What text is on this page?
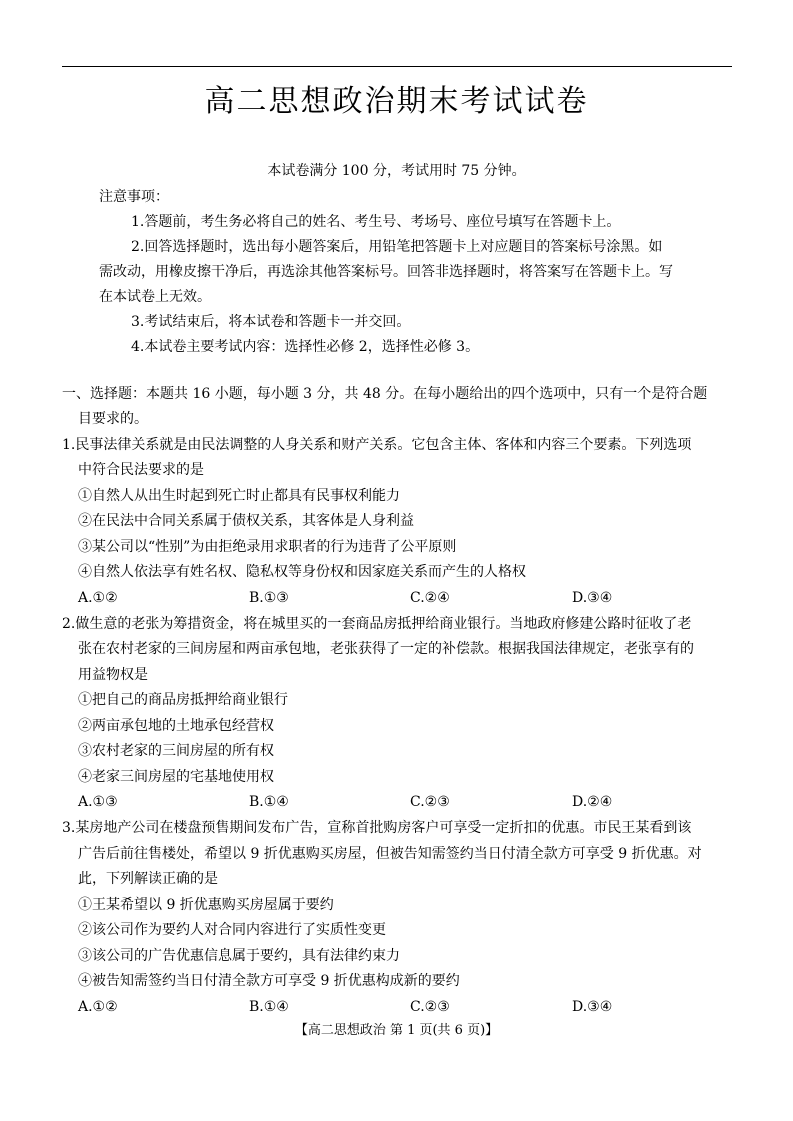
高二思想政治期末考试试卷
本试卷满分 100 分，考试用时 75 分钟。
注意事项：
1.答题前，考生务必将自己的姓名、考生号、考场号、座位号填写在答题卡上。
2.回答选择题时，选出每小题答案后，用铅笔把答题卡上对应题目的答案标号涂黑。如
需改动，用橡皮擦干净后，再选涂其他答案标号。回答非选择题时，将答案写在答题卡上。写
在本试卷上无效。
3.考试结束后，将本试卷和答题卡一并交回。
4.本试卷主要考试内容：选择性必修 2，选择性必修 3。
一、选择题：本题共 16 小题，每小题 3 分，共 48 分。在每小题给出的四个选项中，只有一个是符合题
目要求的。
1.民事法律关系就是由民法调整的人身关系和财产关系。它包含主体、客体和内容三个要素。下列选项
中符合民法要求的是
①自然人从出生时起到死亡时止都具有民事权利能力
②在民法中合同关系属于债权关系，其客体是人身利益
③某公司以“性别”为由拒绝录用求职者的行为违背了公平原则
④自然人依法享有姓名权、隐私权等身份权和因家庭关系而产生的人格权
A.①②	B.①③	C.②④	D.③④
2.做生意的老张为筹措资金，将在城里买的一套商品房抵押给商业银行。当地政府修建公路时征收了老
张在农村老家的三间房屋和两亩承包地，老张获得了一定的补偿款。根据我国法律规定，老张享有的
用益物权是
①把自己的商品房抵押给商业银行
②两亩承包地的土地承包经营权
③农村老家的三间房屋的所有权
④老家三间房屋的宅基地使用权
A.①③	B.①④	C.②③	D.②④
3.某房地产公司在楼盘预售期间发布广告，宣称首批购房客户可享受一定折扣的优惠。市民王某看到该
广告后前往售楼处，希望以 9 折优惠购买房屋，但被告知需签约当日付清全款方可享受 9 折优惠。对
此，下列解读正确的是
①王某希望以 9 折优惠购买房屋属于要约
②该公司作为要约人对合同内容进行了实质性变更
③该公司的广告优惠信息属于要约，具有法律约束力
④被告知需签约当日付清全款方可享受 9 折优惠构成新的要约
A.①②	B.①④	C.②③	D.③④
【高二思想政治 第 1 页(共 6 页)】
